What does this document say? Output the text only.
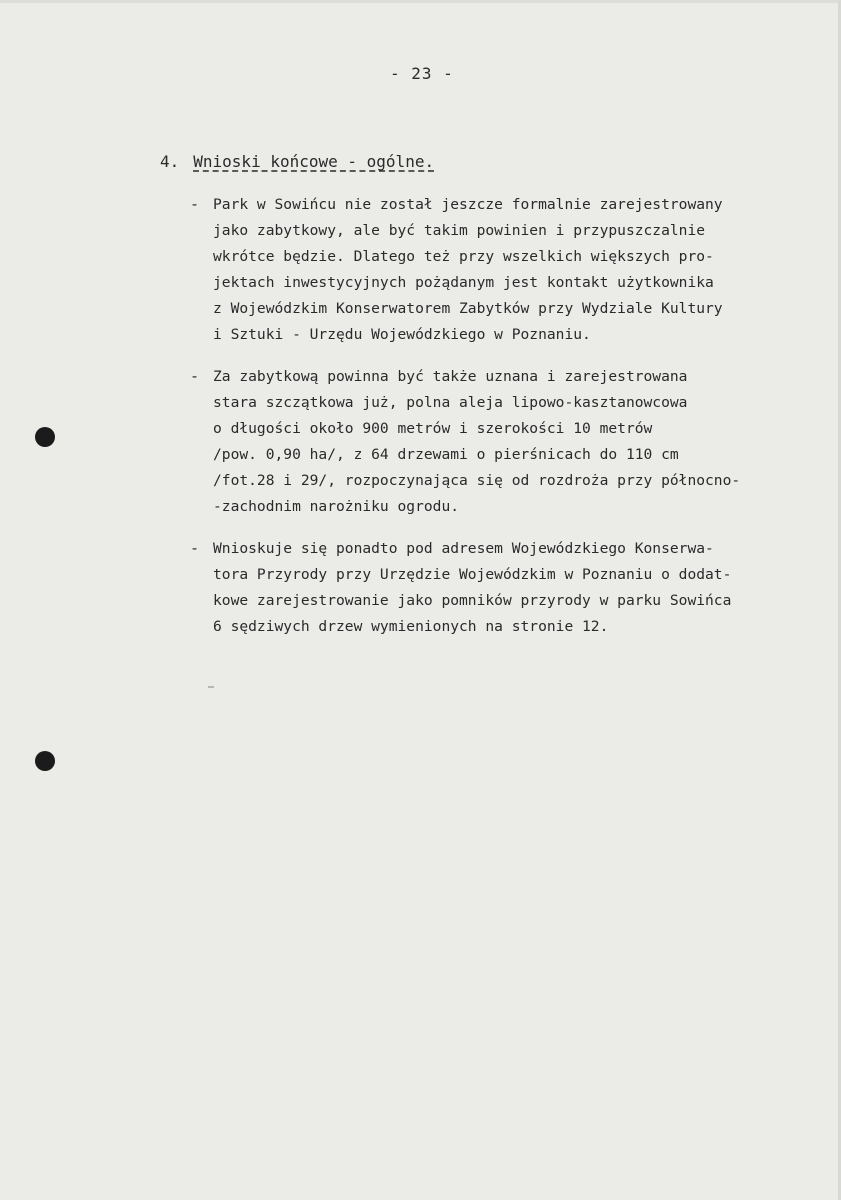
- 23 -
4. Wnioski końcowe - ogólne.
- Park w Sowińcu nie został jeszcze formalnie zarejestrowany
jako zabytkowy, ale być takim powinien i przypuszczalnie
wkrótce będzie. Dlatego też przy wszelkich większych pro-
jektach inwestycyjnych pożądanym jest kontakt użytkownika
z Wojewódzkim Konserwatorem Zabytków przy Wydziale Kultury
i Sztuki - Urzędu Wojewódzkiego w Poznaniu.
- Za zabytkową powinna być także uznana i zarejestrowana
stara szczątkowa już, polna aleja lipowo-kasztanowcowa
o długości około 900 metrów i szerokości 10 metrów
/pow. 0,90 ha/, z 64 drzewami o pierśnicach do 110 cm
/fot.28 i 29/, rozpoczynająca się od rozdroża przy północno-
-zachodnim narożniku ogrodu.
- Wnioskuje się ponadto pod adresem Wojewódzkiego Konserwa-
tora Przyrody przy Urzędzie Wojewódzkim w Poznaniu o dodat-
kowe zarejestrowanie jako pomników przyrody w parku Sowińca
6 sędziwych drzew wymienionych na stronie 12.
